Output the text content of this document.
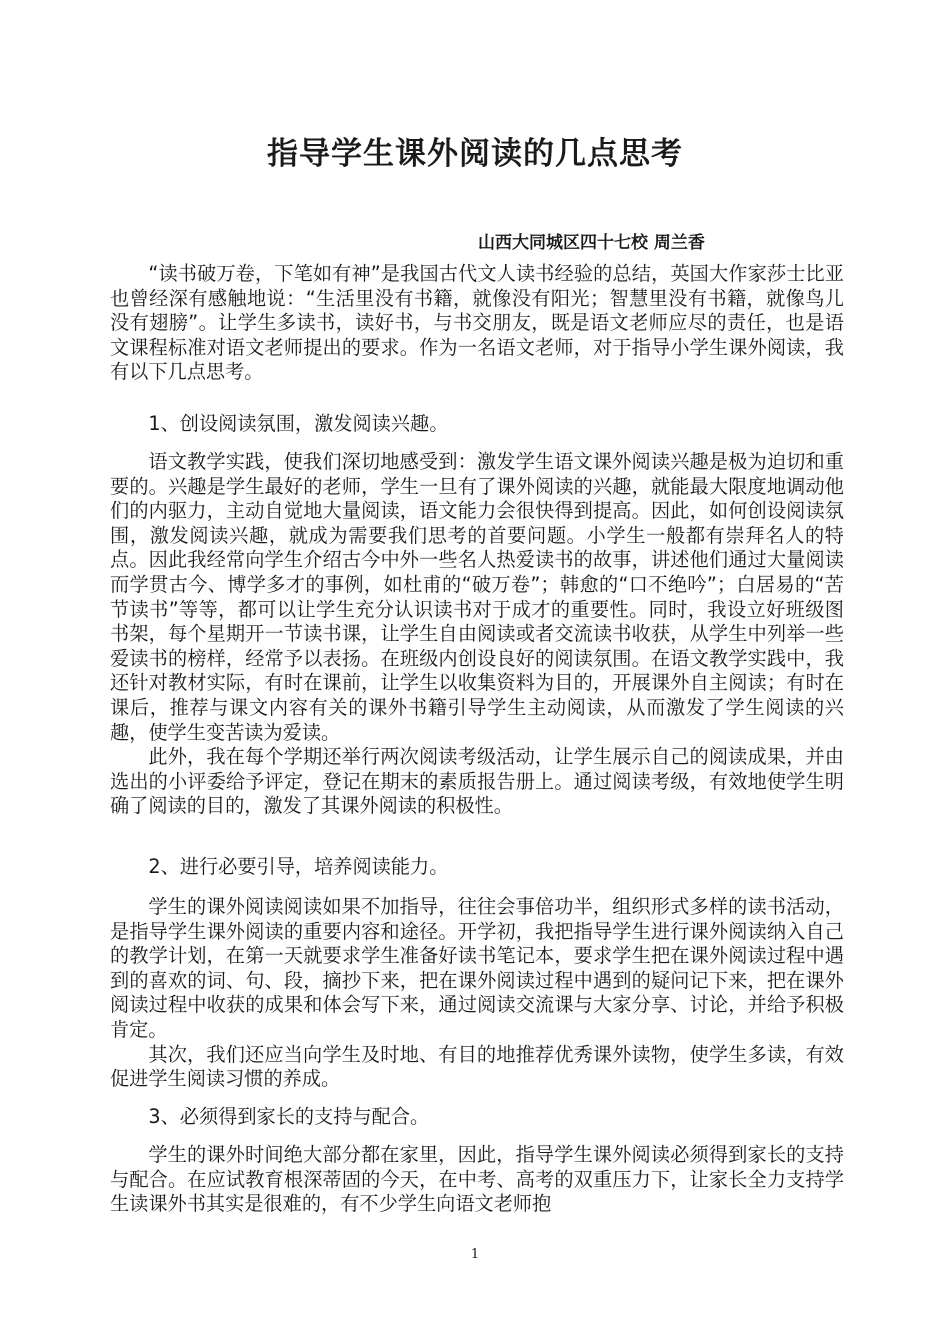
指导学生课外阅读的几点思考
山西大同城区四十七校 周兰香

“读书破万卷，下笔如有神”是我国古代文人读书经验的总结，英国大作家莎士比亚也曾经深有感触地说：“生活里没有书籍，就像没有阳光；智慧里没有书籍，就像鸟儿没有翅膀”。让学生多读书，读好书，与书交朋友，既是语文老师应尽的责任，也是语文课程标准对语文老师提出的要求。作为一名语文老师，对于指导小学生课外阅读，我有以下几点思考。

1、创设阅读氛围，激发阅读兴趣。

语文教学实践，使我们深切地感受到：激发学生语文课外阅读兴趣是极为迫切和重要的。兴趣是学生最好的老师，学生一旦有了课外阅读的兴趣，就能最大限度地调动他们的内驱力，主动自觉地大量阅读，语文能力会很快得到提高。因此，如何创设阅读氛围，激发阅读兴趣，就成为需要我们思考的首要问题。小学生一般都有崇拜名人的特点。因此我经常向学生介绍古今中外一些名人热爱读书的故事，讲述他们通过大量阅读而学贯古今、博学多才的事例，如杜甫的“破万卷”；韩愈的“口不绝吟”；白居易的“苦节读书”等等，都可以让学生充分认识读书对于成才的重要性。同时，我设立好班级图书架，每个星期开一节读书课，让学生自由阅读或者交流读书收获，从学生中列举一些爱读书的榜样，经常予以表扬。在班级内创设良好的阅读氛围。在语文教学实践中，我还针对教材实际，有时在课前，让学生以收集资料为目的，开展课外自主阅读；有时在课后，推荐与课文内容有关的课外书籍引导学生主动阅读，从而激发了学生阅读的兴趣，使学生变苦读为爱读。

此外，我在每个学期还举行两次阅读考级活动，让学生展示自己的阅读成果，并由选出的小评委给予评定，登记在期末的素质报告册上。通过阅读考级，有效地使学生明确了阅读的目的，激发了其课外阅读的积极性。

2、进行必要引导，培养阅读能力。

学生的课外阅读阅读如果不加指导，往往会事倍功半，组织形式多样的读书活动，是指导学生课外阅读的重要内容和途径。开学初，我把指导学生进行课外阅读纳入自己的教学计划，在第一天就要求学生准备好读书笔记本，要求学生把在课外阅读过程中遇到的喜欢的词、句、段，摘抄下来，把在课外阅读过程中遇到的疑问记下来，把在课外阅读过程中收获的成果和体会写下来，通过阅读交流课与大家分享、讨论，并给予积极肯定。

其次，我们还应当向学生及时地、有目的地推荐优秀课外读物，使学生多读，有效促进学生阅读习惯的养成。

3、必须得到家长的支持与配合。

学生的课外时间绝大部分都在家里，因此，指导学生课外阅读必须得到家长的支持与配合。在应试教育根深蒂固的今天，在中考、高考的双重压力下，让家长全力支持学生读课外书其实是很难的，有不少学生向语文老师抱

1
